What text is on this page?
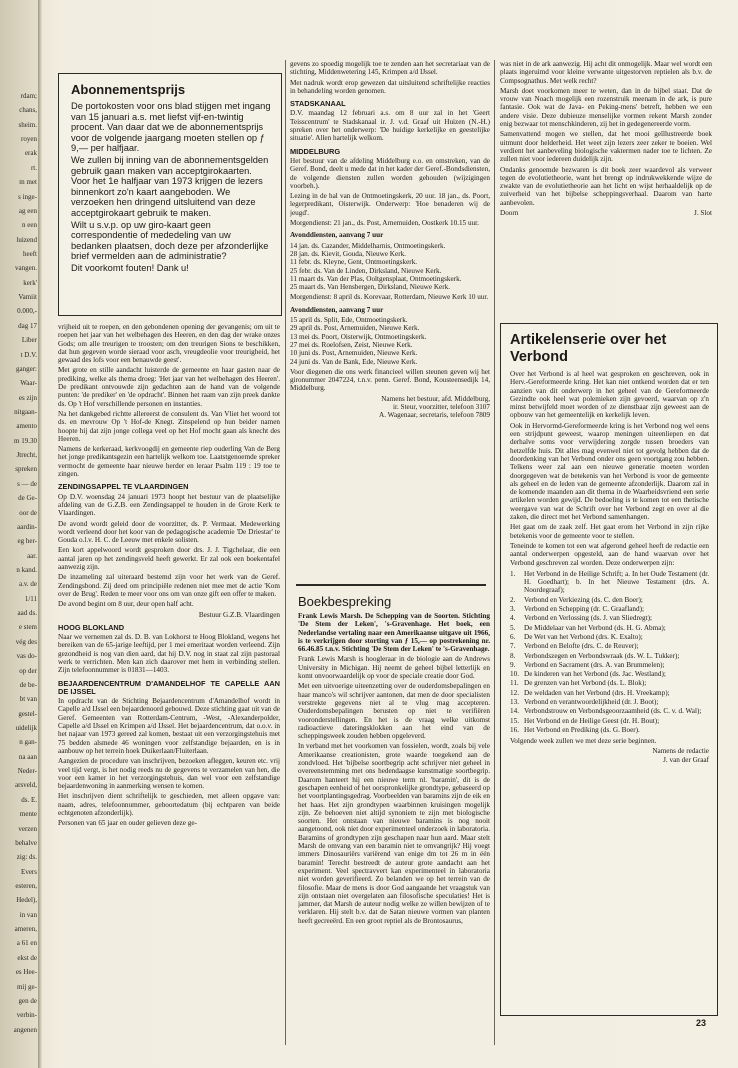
rdam;
chans,
sheim.
royen
erak
rt.
m met
s inge-
ag een
n een
luizend
heeft
vangen.
kerk'
Vamiit
0.000,-
dag 17
Liber
t D.V.
ganger:
Waar-
es zijn
nitgaan-
amento
m 19.30
Jtrecht,
spreken
s — de
de Ge-
oor de
aardin-
eg her-
aar.
n kand.
a.v. de
1/11
aad ds.
e stem
vég des
vas do-
op der
de be-
bt van
gestel-
uidelijk
n gan-
na aan
Neder-
arsveld,
ds. E.
mente
verzen
behalve
zig: ds.
Evers
esteren,
Hedel),
in van
ameren,
a 61 en
ekst de
es Hee-
mij ge-
gen de
verbin-
angenen
Abonnementsprijs

De portokosten voor ons blad stijgen met ingang van 15 januari a.s. met liefst vijf-en-twintig procent. Van daar dat we de abonnementsprijs voor de volgende jaargang moeten stellen op ƒ 9,— per halfjaar.

We zullen bij inning van de abonnementsgelden gebruik gaan maken van acceptgirokaarten. Voor het 1e halfjaar van 1973 krijgen de lezers binnenkort zo'n kaart aangeboden. We verzoeken hen dringend uitsluitend van deze acceptgirokaart gebruik te maken.

Wilt u s.v.p. op uw giro-kaart geen correspondentie of mededeling van uw bedanken plaatsen, doch deze per afzonderlijke brief vermelden aan de administratie?

Dit voorkomt fouten! Dank u!

vrijheid uit te roepen, en den gebondenen opening der gevangenis; om uit te roepen het jaar van het welbehagen des Heeren, en den dag der wrake onzes Gods; om alle treurigen te troosten; om den treurigen Sions te beschikken, dat hun gegeven worde sieraad voor asch, vreugdeolie voor treurigheid, het gewaad des lofs voor een benauwde geest'.

Met grote en stille aandacht luisterde de gemeente en haar gasten naar de prediking, welke als thema droeg: 'Het jaar van het welbehagen des Heeren'. De predikant ontvouwde zijn gedachten aan de hand van de volgende punten: 'de prediker' en 'de opdracht'. Binnen het raam van zijn preek dankte ds. Op 't Hof verschillende personen en instanties.

Na het dankgebed richtte allereerst de consulent ds. Van Vliet het woord tot ds. en mevrouw Op 't Hof-de Knegt. Zinspelend op hun beider namen hoopte hij dat zijn jonge collega veel op het Hof mocht gaan als knecht des Heeren.

Namens de kerkeraad, kerkvoogdij en gemeente rieр ouderling Van de Berg het jonge predikantsgezin een hartelijk welkom toe. Laatstgenoemde spreker vermocht de gemeente haar nieuwe herder en leraar Psalm 119 : 19 toe te zingen.

ZENDINGSAPPEL TE VLAARDINGEN

Op D.V. woensdag 24 januari 1973 hoopt het bestuur van de plaatselijke afdeling van de G.Z.B. een Zendingsappel te houden in de Grote Kerk te Vlaardingen.

De avond wordt geleid door de voorzitter, ds. P. Vermaat. Medewerking wordt verleend door het koor van de pedagogische academie 'De Driestar' te Gouda o.l.v. H. C. de Leeuw met enkele solisten.

Een kort appelwoord wordt gesproken door drs. J. J. Tigchelaar, die een aantal jaren op het zendingsveld heeft gewerkt. Er zal ook een boekentafel aanwezig zijn.

De inzameling zal uiteraard bestemd zijn voor het werk van de Geref. Zendingsbond. Zij deed om principiële redenen niet mee met de actie 'Kom over de Brug'. Reden te meer voor ons om van onze gift een offer te maken.

De avond begint om 8 uur, deur open half acht.

Bestuur G.Z.B. Vlaardingen

HOOG BLOKLAND

Naar we vernemen zal ds. D. B. van Lokhorst te Hoog Blokland, wegens het bereiken van de 65-jarige leeftijd, per 1 mei emeritaat worden verleend. Zijn gezondheid is nog van dien aard, dat hij D.V. nog in staat zal zijn pastoraal werk te verrichten. Men kan zich daarover met hem in verbinding stellen. Zijn telefoonnummer is 01831—1403.

BEJAARDENCENTRUM D'AMANDELHOF TE CAPELLE AAN DE IJSSEL

In opdracht van de Stichting Bejaardencentrum d'Amandelhof wordt in Capelle a/d IJssel een bejaardenoord gebouwd. Deze stichting gaat uit van de Geref. Gemeenten van Rotterdam-Centrum, -West, -Alexanderpolder, Capelle a/d IJssel en Krimpen a/d IJssel. Het bejaardencentrum, dat o.o.v. in het najaar van 1973 gereed zal komen, bestaat uit een verzorgingstehuis met 75 bedden alsmede 46 woningen voor zelfstandige bejaarden, en is in aanbouw op het terrein hoek Duikerlaan/Fluiterlaan.

Aangezien de procedure van inschrijven, bezoeken afleggen, keuren etc. vrij veel tijd vergt, is het nodig reeds nu de gegevens te verzamelen van hen, die voor een kamer in het verzorgingstehuis, dan wel voor een zelfstandige bejaardenwoning in aanmerking wensen te komen.

Het inschrijven dient schriftelijk te geschieden, met alleen opgave van: naam, adres, telefoonnummer, geboortedatum (bij echtparen van beide echtgenoten afzonderlijk).

Personen van 65 jaar en ouder gelieven deze ge-

gevens zo spoedig mogelijk toe te zenden aan het secretariaat van de stichting, Middenwetering 145, Krimpen a/d IJssel.

Met nadruk wordt erop gewezen dat uitsluitend schriftelijke reacties in behandeling worden genomen.

STADSKANAAL

D.V. maandag 12 februari a.s. om 8 uur zal in het 'Geert Teisscentrum' te Stadskanaal ir. J. v.d. Graaf uit Huizen (N.-H.) spreken over het onderwerp: 'De huidige kerkelijke en geestelijke situatie'. Allen hartelijk welkom.

MIDDELBURG

Het bestuur van de afdeling Middelburg e.o. en omstreken, van de Geref. Bond, deelt u mede dat in het kader der Geref.-Bondsdiensten, de volgende diensten zullen worden gehouden (wijzigingen voorbeh.).

Lezing in de hal van de Ontmoetingskerk, 20 uur. 18 jan., ds. Poort, legerpredikant, Oisterwijk. Onderwerp: 'Hoe benaderen wij de jeugd'.

Morgendienst: 21 jan., ds. Post, Arnemuiden, Oostkerk 10.15 uur.

Avonddiensten, aanvang 7 uur

14 jan. ds. Cazander, Middelharnis, Ontmoetingskerk.

28 jan. ds. Kievit, Gouda, Nieuwe Kerk.

11 febr. ds. Kleyne, Gent, Ontmoetingskerk.

25 febr. ds. Van de Linden, Dirksland, Nieuwe Kerk.

11 maart ds. Van der Plas, Ooltgensplaat, Ontmoetingskerk.

25 maart ds. Van Hensbergen, Dirksland, Nieuwe Kerk.

Morgendienst: 8 april ds. Korevaar, Rotterdam, Nieuwe Kerk 10 uur.

Avonddiensten, aanvang 7 uur

15 april ds. Split, Ede, Ontmoetingskerk.

29 april ds. Post, Arnemuiden, Nieuwe Kerk.

13 mei ds. Poort, Oisterwijk, Ontmoetingskerk.

27 mei ds. Roelofsen, Zeist, Nieuwe Kerk.

10 juni ds. Post, Arnemuiden, Nieuwe Kerk.

24 juni ds. Van de Bank, Ede, Nieuwe Kerk.

Voor diegenen die ons werk financieel willen steunen geven wij het gironummer 2047224, t.n.v. penn. Geref. Bond, Kousteensedijk 14, Middelburg.

Namens het bestuur, afd. Middelburg,

ir. Steur, voorzitter, telefoon 3107

A. Wagenaar, secretaris, telefoon 7809

Boekbespreking

Frank Lewis Marsh. De Schepping van de Soorten. Stichting 'De Stem der Leken', 's-Gravenhage. Het boek, een Nederlandse vertaling naar een Amerikaanse uitgave uit 1966, is te verkrijgen door storting van ƒ 15,— op postrekening nr. 66.46.85 t.n.v. Stichting 'De Stem der Leken' te 's-Gravenhage.

Frank Lewis Marsh is hoogleraar in de biologie aan de Andrews University in Michigan. Hij neemt de geheel bijbel letterlijk en komt onvoorwaardelijk op voor de speciale creatie door God.

Met een uitvoerige uiteenzetting over de ouderdomsbepalingen en haar manco's wil schrijver aantonen, dat men de door specialisten verstrekte gegevens niet al te vlug mag accepteren. Ouderdomsbepalingen berusten op niet te verifiëren vooronderstellingen. En het is de vraag welke uitkomst radioactieve dateringsklokken aan het eind van de scheppingsweek zouden hebben opgeleverd.

In verband met het voorkomen van fossielen, wordt, zoals bij vele Amerikaanse creationisten, grote waarde toegekend aan de zondvloed. Het 'bijbelse soortbegrip acht schrijver niet geheel in overeenstemming met ons hedendaagse kunstmatige soortbegrip. Daarom hanteert hij een nieuwe term nl. 'baramin', dit is de geschapen eenheid of het oorspronkelijke grondtype, gebaseerd op het voortplantingsgedrag. Voorbeelden van baramins zijn de eik en het haas. Het zijn grondtypen waarbinnen kruisingen mogelijk zijn. Ze behoeven niet altijd synoniem te zijn met biologische soorten. Het ontstaan van nieuwe baramins is nog nooit aangetoond, ook niet door experimenteel onderzoek in laboratoria. Baramins of grondtypen zijn geschapen naar hun aard. Maar stelt Marsh de omvang van een baramin niet te omvangrijk? Hij voegt immers Dinosauriërs variërend van enige dm tot 26 m in één baramin! Terecht bestreedt de auteur grote aandacht aan het experiment. Veel spectravvert kan experimenteel in laboratoria niet worden geverifieerd. Zo belanden we op het terrein van de filosofie. Maar de mens is door God aangaande het vraagstuk van zijn ontstaan niet overgelaten aan filosofische speculaties! Het is jammer, dat Marsh de auteur nodig welke ze willen bewijzen of te verklaren. Hij stelt b.v. dat de Satan nieuwe vormen van planten heeft gecreeërd. En een groot reptiel als de Brontosaurus,

was niet in de ark aanwezig. Hij acht dit onmogelijk. Maar wel wordt een plaats ingeruimd voor kleine verwante uitgestorven reptielen als b.v. de Compsognathus. Met welk recht?

Marsh doet voorkomen meer te weten, dan in de bijbel staat. Dat de vrouw van Noach mogelijk een rozenstruik meenam in de ark, is pure fantasie. Ook wat de Java- en Peking-mens' betreft, hebben we een andere visie. Deze dubieuze menselijke vormen rekent Marsh zonder enig bezwaar tot menschkinderen, zij het in gedegenereerde vorm.

Samenvattend mogen we stellen, dat het mooi geïllustreerde boek uitmunt door helderheid. Het weet zijn lezers zeer zeker te boeien. Wel verdient het aanbeveling biologische vaktermen nader toe te lichten. Ze zullen niet voor iedereen duidelijk zijn.

Ondanks genoemde bezwaren is dit boek zeer waardevol als verweer tegen de evolutietheorie, want het brengt op indrukwekkende wijze de zwakte van de evolutietheorie aan het licht en wijst herhaaldelijk op de zuiverheid van het bijbelse scheppingsverhaal. Daarom van harte aanbevolen.

Doorn	J. Slot
Artikelenserie over het Verbond

Over het Verbond is al heel wat gesproken en geschreven, ook in Herv.-Gereformeerde kring. Het kan niet ontkend worden dat er ten aanzien van dit onderwerp in het geheel van de Gereformeerde Gezindte ook heel wat polemieken zijn gevoerd, waarvan op z'n minst betwijfeld moet worden of ze dienstbaar zijn geweest aan de opbouw van het gemeentelijk en kerkelijk leven.

Ook in Hervormd-Gereformeerde kring is het Verbond nog wel eens een strijdpunt geweest, waarop meningen uiteenliepen en dat derhalve soms voor verwijdering zorgde tussen broeders van hetzelfde huis. Dit alles mag evenwel niet tot gevolg hebben dat de doordenking van het Verbond onder ons geen voortgang zou hebben. Telkens weer zal aan een nieuwe generatie moeten worden doorgegeven wat de betekenis van het Verbond is voor de gemeente als geheel en de leden van de gemeente afzonderlijk. Daarom zal in de komende maanden aan dit thema in de Waarheidsvriend een serie artikelen worden gewijd. De bedoeling is te komen tot een thetische weergave van wat de Schrift over het Verbond zegt en over al die zaken, die direct met het Verbond samenhangen.

Het gaat om de zaak zelf. Het gaat erom het Verbond in zijn rijke betekenis voor de gemeente voor te stellen.

Teneinde te komen tot een wat afgerond geheel heeft de redactie een aantal onderwerpen opgesteld, aan de hand waarvan over het Verbond geschreven zal worden. Deze onderwerpen zijn:

1.	Het Verbond in de Heilige Schrift; a. In het Oude Testament (dr. H. Goedhart); b. In het Nieuwe Testament (drs. A. Noordegraaf);
2.	Verbond en Verkiezing (ds. C. den Boer);
3.	Verbond en Schepping (dr. C. Graafland);
4.	Verbond en Verlossing (ds. J. van Sliedregt);
5.	De Middelaar van het Verbond (ds. H. G. Abma);
6.	De Wet van het Verbond (drs. K. Exalto);
7.	Verbond en Belofte (drs. C. de Reuver);
8.	Verbondszegen en Verbondswraak (ds. W. L. Tukker);
9.	Verbond en Sacrament (drs. A. van Brummelen);
10. De kinderen van het Verbond (ds. Jac. Westland);
11. De grenzen van het Verbond (ds. L. Blok);
12. De weldaden van het Verbond (drs. H. Vreekamp);
13. Verbond en verantwoordelijkheid (dr. J. Boot);
14. Verbondstrouw en Verbondsgeoorzaamheid (ds. C. v. d. Wal);
15. Het Verbond en de Heilige Geest (dr. H. Bout);
16. Het Verbond en Prediking (ds. G. Boer).

Volgende week zullen we met deze serie beginnen.

Namens de redactie

J. van der Graaf

23
